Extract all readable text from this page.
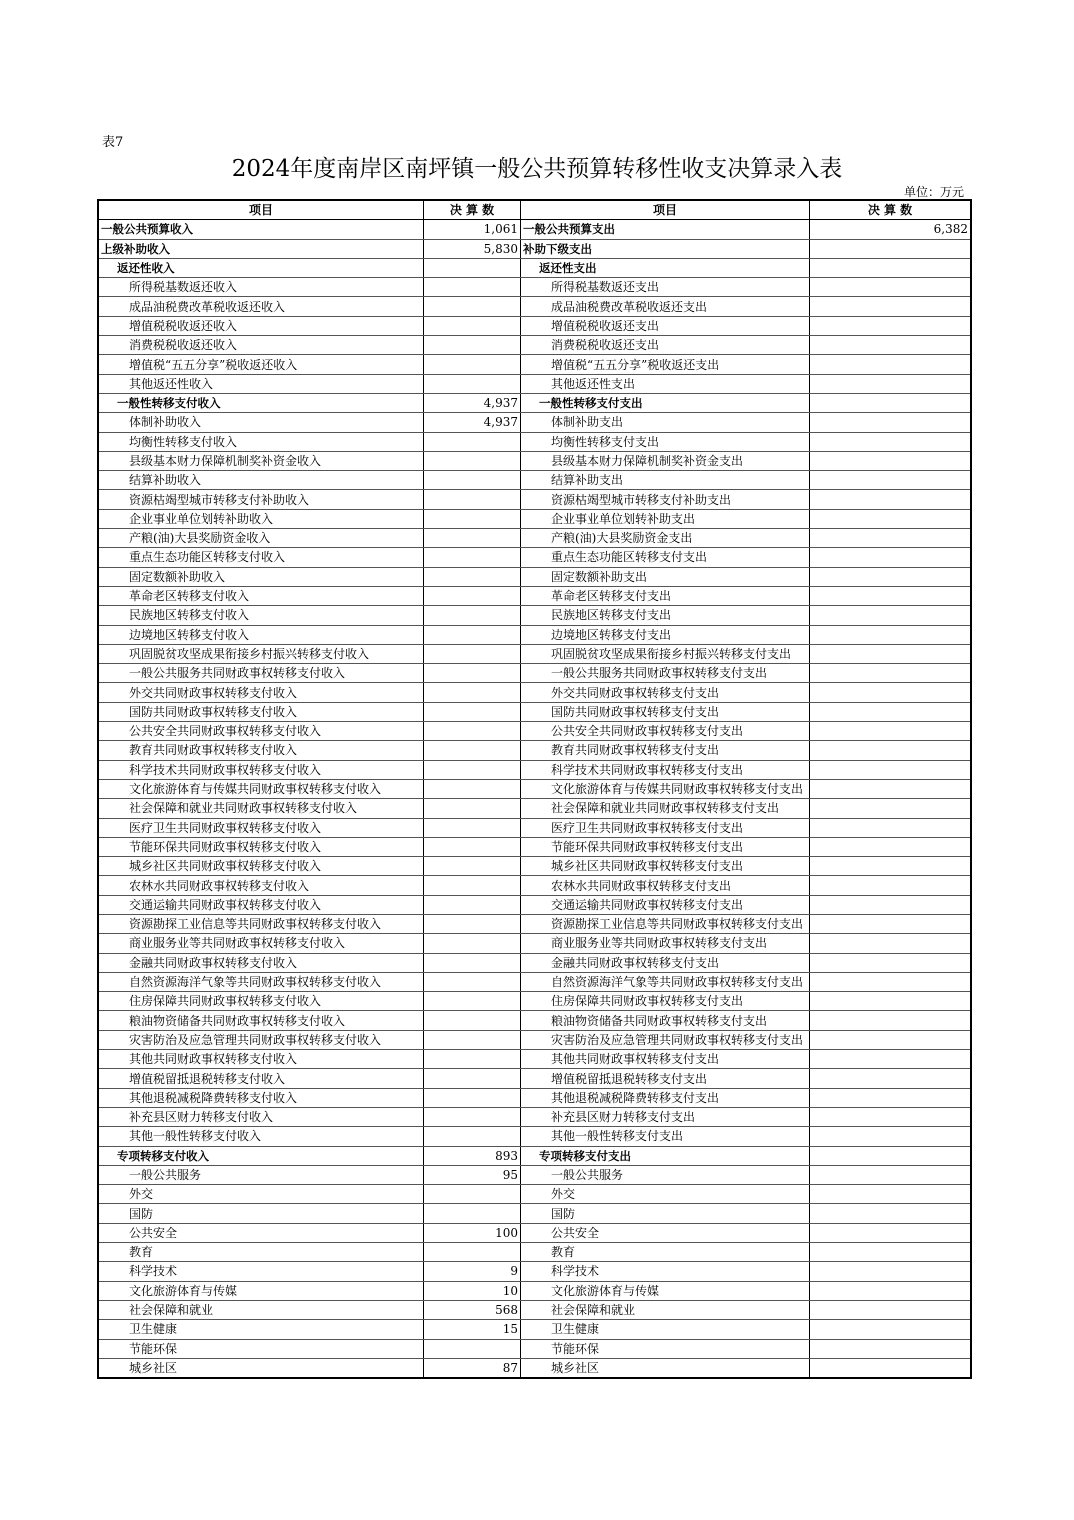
表7
2024年度南岸区南坪镇一般公共预算转移性收支决算录入表
单位：万元
项目	决 算 数	项目	决 算 数
一般公共预算收入	1,061	一般公共预算支出	6,382
上级补助收入	5,830	补助下级支出	
返还性收入		返还性支出	
所得税基数返还收入		所得税基数返还支出	
成品油税费改革税收返还收入		成品油税费改革税收返还支出	
增值税税收返还收入		增值税税收返还支出	
消费税税收返还收入		消费税税收返还支出	
增值税“五五分享”税收返还收入		增值税“五五分享”税收返还支出	
其他返还性收入		其他返还性支出	
一般性转移支付收入	4,937	一般性转移支付支出	
体制补助收入	4,937	体制补助支出	
均衡性转移支付收入		均衡性转移支付支出	
县级基本财力保障机制奖补资金收入		县级基本财力保障机制奖补资金支出	
结算补助收入		结算补助支出	
资源枯竭型城市转移支付补助收入		资源枯竭型城市转移支付补助支出	
企业事业单位划转补助收入		企业事业单位划转补助支出	
产粮(油)大县奖励资金收入		产粮(油)大县奖励资金支出	
重点生态功能区转移支付收入		重点生态功能区转移支付支出	
固定数额补助收入		固定数额补助支出	
革命老区转移支付收入		革命老区转移支付支出	
民族地区转移支付收入		民族地区转移支付支出	
边境地区转移支付收入		边境地区转移支付支出	
巩固脱贫攻坚成果衔接乡村振兴转移支付收入		巩固脱贫攻坚成果衔接乡村振兴转移支付支出	
一般公共服务共同财政事权转移支付收入		一般公共服务共同财政事权转移支付支出	
外交共同财政事权转移支付收入		外交共同财政事权转移支付支出	
国防共同财政事权转移支付收入		国防共同财政事权转移支付支出	
公共安全共同财政事权转移支付收入		公共安全共同财政事权转移支付支出	
教育共同财政事权转移支付收入		教育共同财政事权转移支付支出	
科学技术共同财政事权转移支付收入		科学技术共同财政事权转移支付支出	
文化旅游体育与传媒共同财政事权转移支付收入		文化旅游体育与传媒共同财政事权转移支付支出	
社会保障和就业共同财政事权转移支付收入		社会保障和就业共同财政事权转移支付支出	
医疗卫生共同财政事权转移支付收入		医疗卫生共同财政事权转移支付支出	
节能环保共同财政事权转移支付收入		节能环保共同财政事权转移支付支出	
城乡社区共同财政事权转移支付收入		城乡社区共同财政事权转移支付支出	
农林水共同财政事权转移支付收入		农林水共同财政事权转移支付支出	
交通运输共同财政事权转移支付收入		交通运输共同财政事权转移支付支出	
资源勘探工业信息等共同财政事权转移支付收入		资源勘探工业信息等共同财政事权转移支付支出	
商业服务业等共同财政事权转移支付收入		商业服务业等共同财政事权转移支付支出	
金融共同财政事权转移支付收入		金融共同财政事权转移支付支出	
自然资源海洋气象等共同财政事权转移支付收入		自然资源海洋气象等共同财政事权转移支付支出	
住房保障共同财政事权转移支付收入		住房保障共同财政事权转移支付支出	
粮油物资储备共同财政事权转移支付收入		粮油物资储备共同财政事权转移支付支出	
灾害防治及应急管理共同财政事权转移支付收入		灾害防治及应急管理共同财政事权转移支付支出	
其他共同财政事权转移支付收入		其他共同财政事权转移支付支出	
增值税留抵退税转移支付收入		增值税留抵退税转移支付支出	
其他退税减税降费转移支付收入		其他退税减税降费转移支付支出	
补充县区财力转移支付收入		补充县区财力转移支付支出	
其他一般性转移支付收入		其他一般性转移支付支出	
专项转移支付收入	893	专项转移支付支出	
一般公共服务	95	一般公共服务	
外交		外交	
国防		国防	
公共安全	100	公共安全	
教育		教育	
科学技术	9	科学技术	
文化旅游体育与传媒	10	文化旅游体育与传媒	
社会保障和就业	568	社会保障和就业	
卫生健康	15	卫生健康	
节能环保		节能环保	
城乡社区	87	城乡社区	
